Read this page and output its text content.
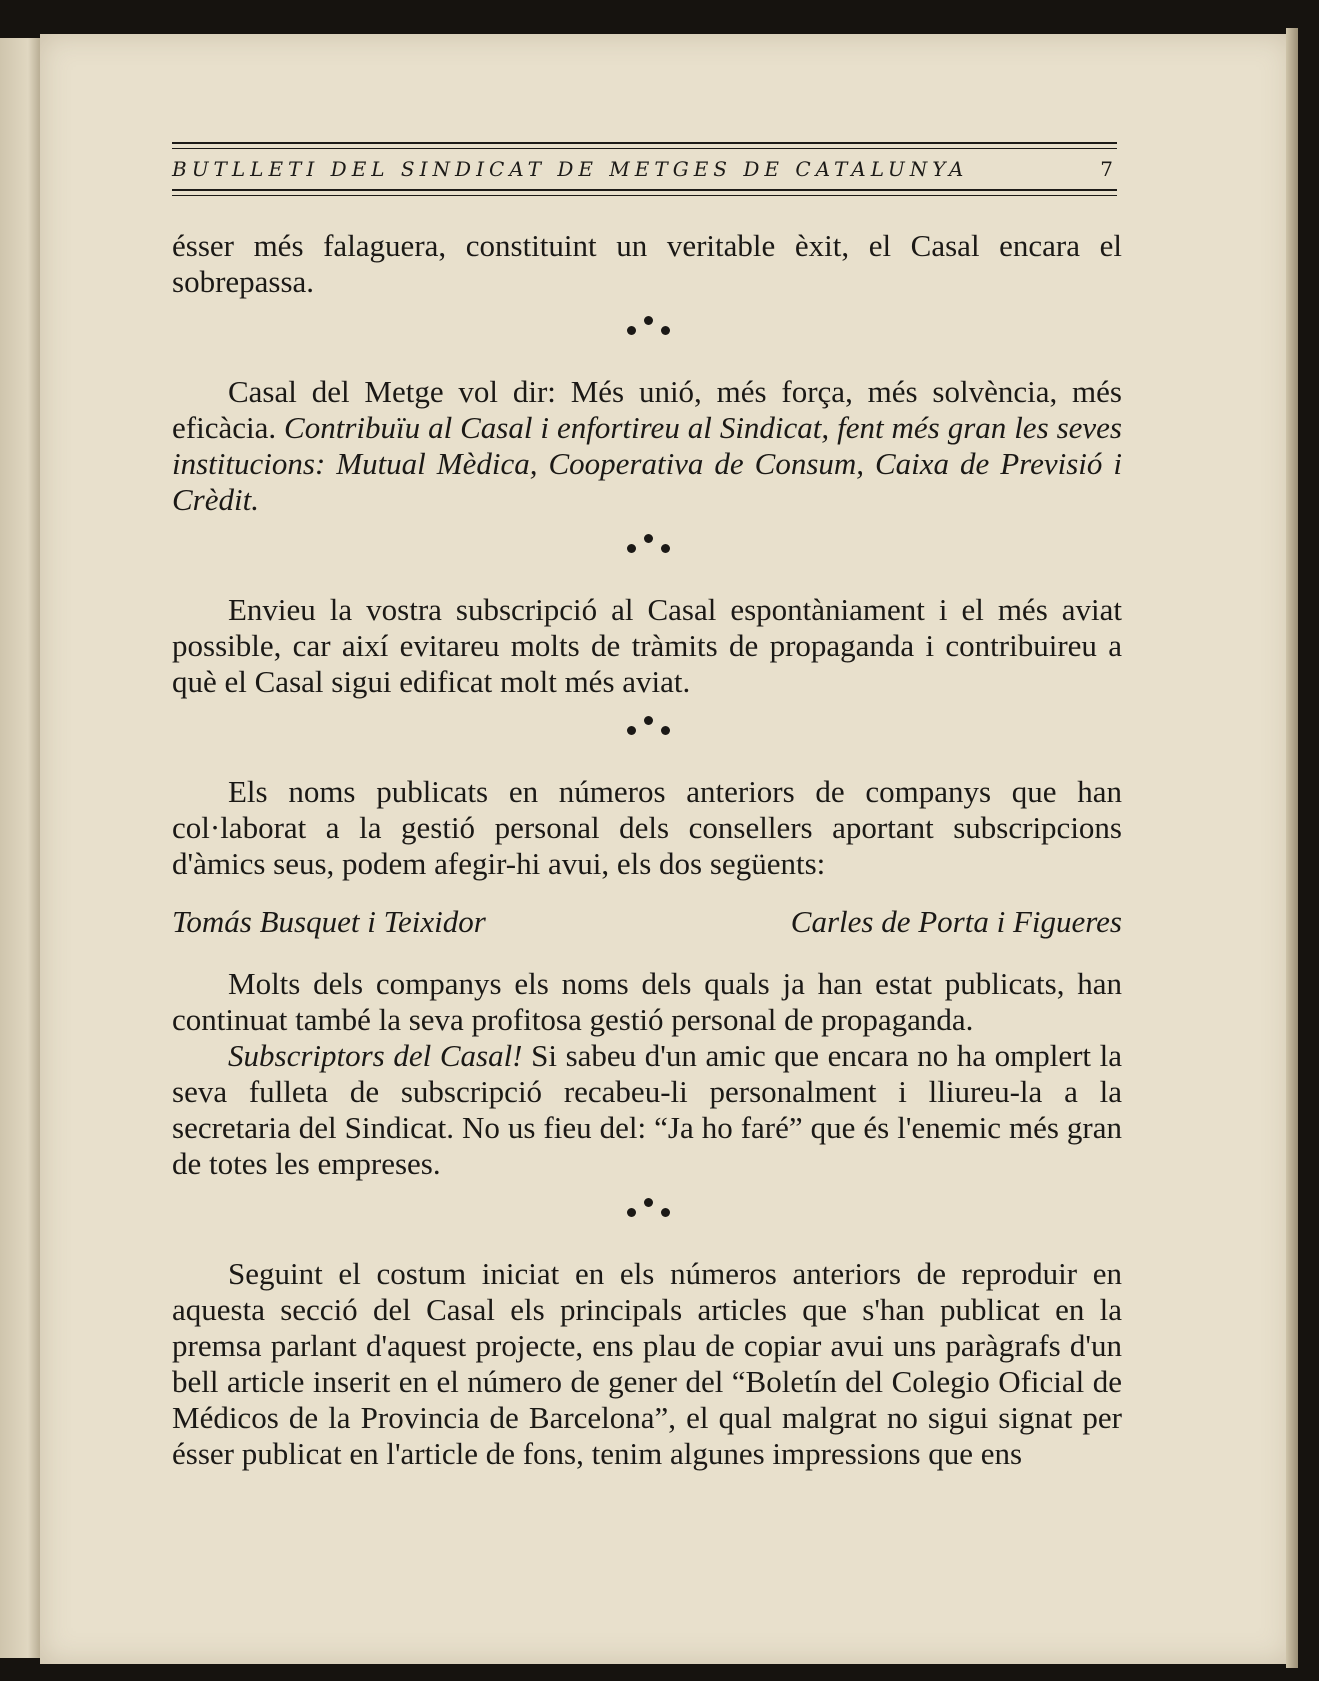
BUTLLETI DEL SINDICAT DE METGES DE CATALUNYA	7

ésser més falaguera, constituint un veritable èxit, el Casal encara el sobrepassa.

Casal del Metge vol dir: Més unió, més força, més solvència, més eficàcia. Contribuïu al Casal i enfortireu al Sindicat, fent més gran les seves institucions: Mutual Mèdica, Cooperativa de Consum, Caixa de Previsió i Crèdit.

Envieu la vostra subscripció al Casal espontàniament i el més aviat possible, car així evitareu molts de tràmits de propaganda i contribuireu a què el Casal sigui edificat molt més aviat.

Els noms publicats en números anteriors de companys que han col·laborat a la gestió personal dels consellers aportant subscripcions d'àmics seus, podem afegir-hi avui, els dos següents:

Tomás Busquet i Teixidor	Carles de Porta i Figueres

Molts dels companys els noms dels quals ja han estat publicats, han continuat també la seva profitosa gestió personal de propaganda.

Subscriptors del Casal! Si sabeu d'un amic que encara no ha omplert la seva fulleta de subscripció recabeu-li personalment i lliureu-la a la secretaria del Sindicat. No us fieu del: “Ja ho faré” que és l'enemic més gran de totes les empreses.

Seguint el costum iniciat en els números anteriors de reproduir en aquesta secció del Casal els principals articles que s'han publicat en la premsa parlant d'aquest projecte, ens plau de copiar avui uns paràgrafs d'un bell article inserit en el número de gener del “Boletín del Colegio Oficial de Médicos de la Provincia de Barcelona”, el qual malgrat no sigui signat per ésser publicat en l'article de fons, tenim algunes impressions que ens
